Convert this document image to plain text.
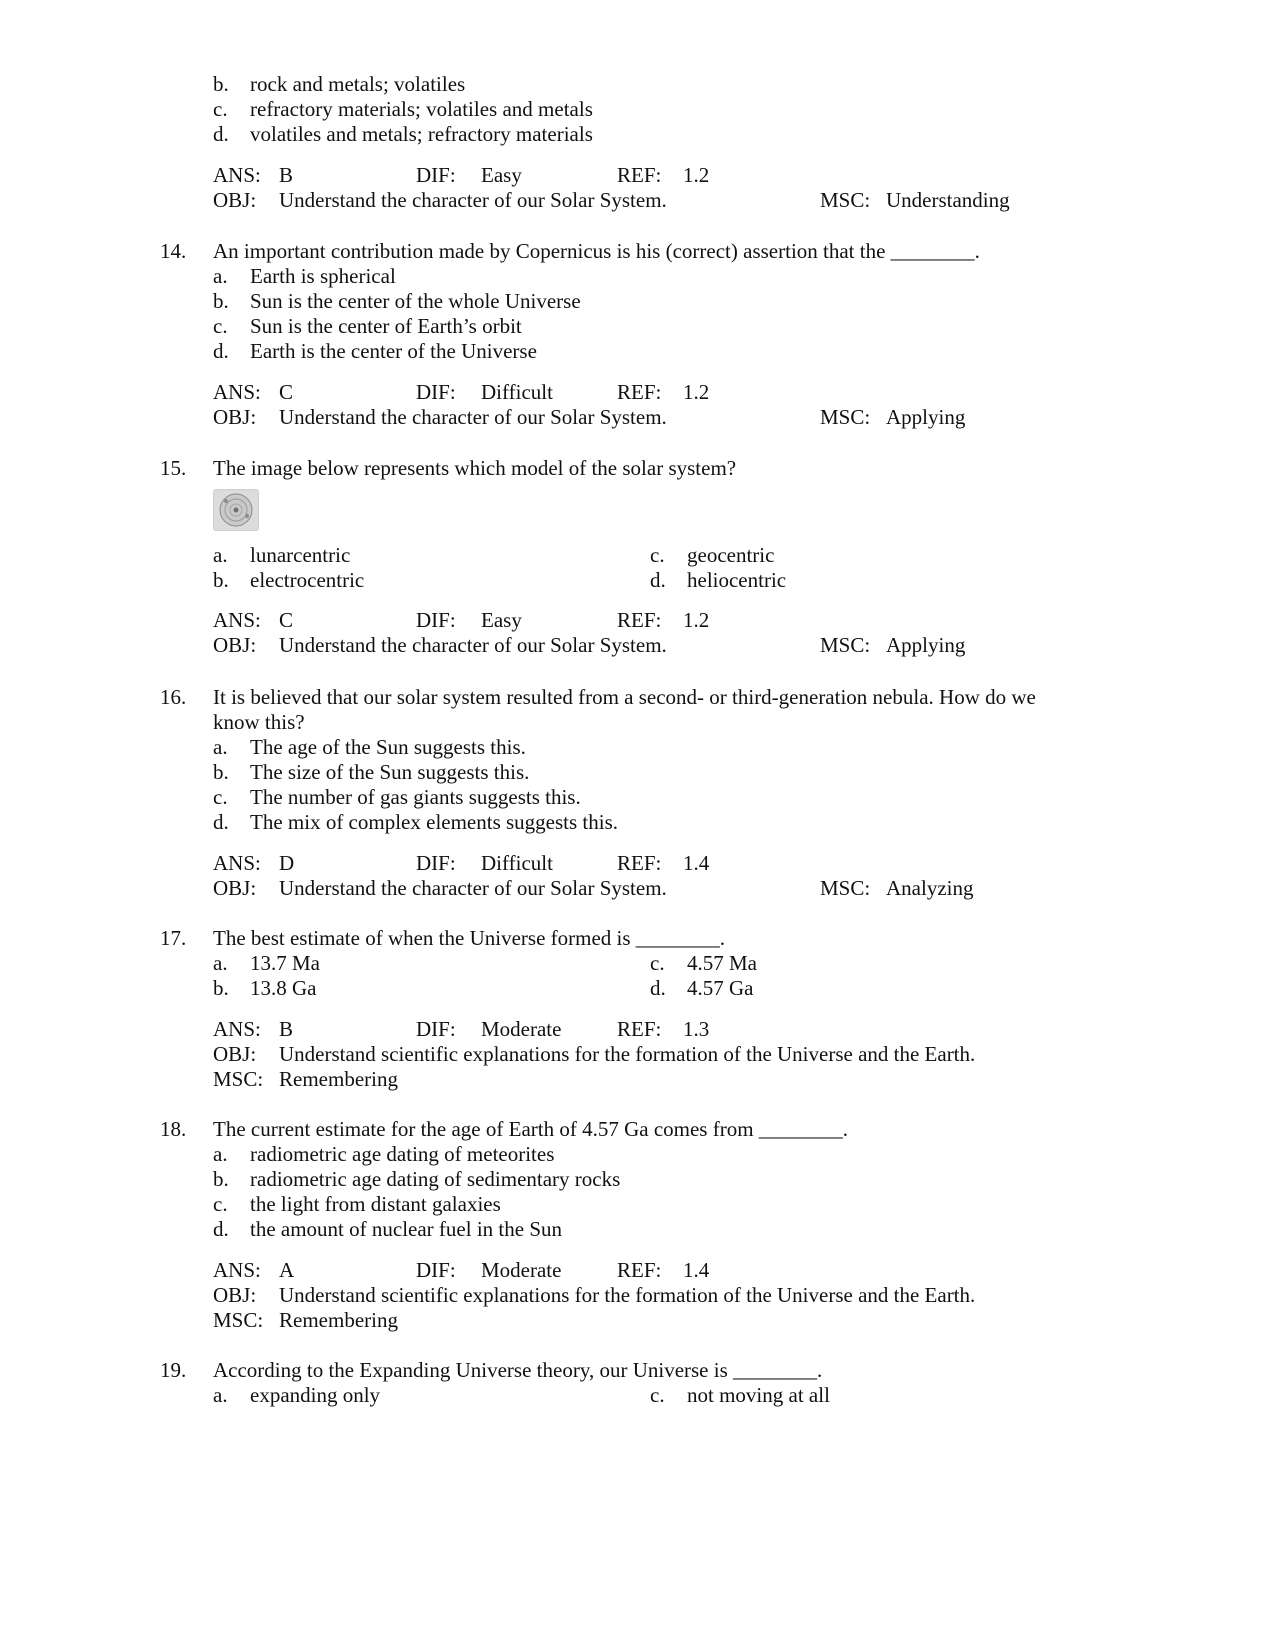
b. rock and metals; volatiles
c. refractory materials; volatiles and metals
d. volatiles and metals; refractory materials
ANS: B	DIF: Easy	REF: 1.2
OBJ: Understand the character of our Solar System.	MSC: Understanding
14.	An important contribution made by Copernicus is his (correct) assertion that the ________.
a. Earth is spherical
b. Sun is the center of the whole Universe
c. Sun is the center of Earth’s orbit
d. Earth is the center of the Universe
ANS: C	DIF: Difficult	REF: 1.2
OBJ: Understand the character of our Solar System.	MSC: Applying
15.	The image below represents which model of the solar system?
a. lunarcentric
b. electrocentric
c. geocentric
d. heliocentric
ANS: C	DIF: Easy	REF: 1.2
OBJ: Understand the character of our Solar System.	MSC: Applying
16.	It is believed that our solar system resulted from a second- or third-generation nebula. How do we
know this?
a. The age of the Sun suggests this.
b. The size of the Sun suggests this.
c. The number of gas giants suggests this.
d. The mix of complex elements suggests this.
ANS: D	DIF: Difficult	REF: 1.4
OBJ: Understand the character of our Solar System.	MSC: Analyzing
17.	The best estimate of when the Universe formed is ________.
a. 13.7 Ma
b. 13.8 Ga
c. 4.57 Ma
d. 4.57 Ga
ANS: B	DIF: Moderate	REF: 1.3
OBJ: Understand scientific explanations for the formation of the Universe and the Earth.
MSC: Remembering
18.	The current estimate for the age of Earth of 4.57 Ga comes from ________.
a. radiometric age dating of meteorites
b. radiometric age dating of sedimentary rocks
c. the light from distant galaxies
d. the amount of nuclear fuel in the Sun
ANS: A	DIF: Moderate	REF: 1.4
OBJ: Understand scientific explanations for the formation of the Universe and the Earth.
MSC: Remembering
19.	According to the Expanding Universe theory, our Universe is ________.
a. expanding only	c. not moving at all
